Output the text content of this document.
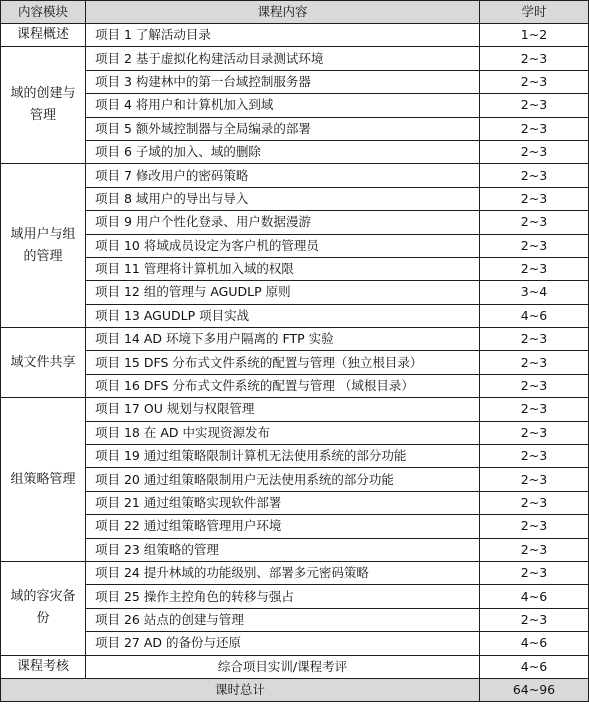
内容模块	课程内容	学时
课程概述	项目 1 了解活动目录	1~2
域的创建与管理	项目 2 基于虚拟化构建活动目录测试环境	2~3
	项目 3 构建林中的第一台域控制服务器	2~3
	项目 4 将用户和计算机加入到域	2~3
	项目 5 额外域控制器与全局编录的部署	2~3
	项目 6 子域的加入、域的删除	2~3
域用户与组的管理	项目 7 修改用户的密码策略	2~3
	项目 8 域用户的导出与导入	2~3
	项目 9 用户个性化登录、用户数据漫游	2~3
	项目 10 将域成员设定为客户机的管理员	2~3
	项目 11 管理将计算机加入域的权限	2~3
	项目 12 组的管理与 AGUDLP 原则	3~4
	项目 13 AGUDLP 项目实战	4~6
域文件共享	项目 14 AD 环境下多用户隔离的 FTP 实验	2~3
	项目 15 DFS 分布式文件系统的配置与管理（独立根目录）	2~3
	项目 16 DFS 分布式文件系统的配置与管理 （域根目录）	2~3
组策略管理	项目 17 OU 规划与权限管理	2~3
	项目 18 在 AD 中实现资源发布	2~3
	项目 19 通过组策略限制计算机无法使用系统的部分功能	2~3
	项目 20 通过组策略限制用户无法使用系统的部分功能	2~3
	项目 21 通过组策略实现软件部署	2~3
	项目 22 通过组策略管理用户环境	2~3
	项目 23 组策略的管理	2~3
域的容灾备份	项目 24 提升林域的功能级别、部署多元密码策略	2~3
	项目 25 操作主控角色的转移与强占	4~6
	项目 26 站点的创建与管理	2~3
	项目 27 AD 的备份与还原	4~6
课程考核	综合项目实训/课程考评	4~6
课时总计		64~96
